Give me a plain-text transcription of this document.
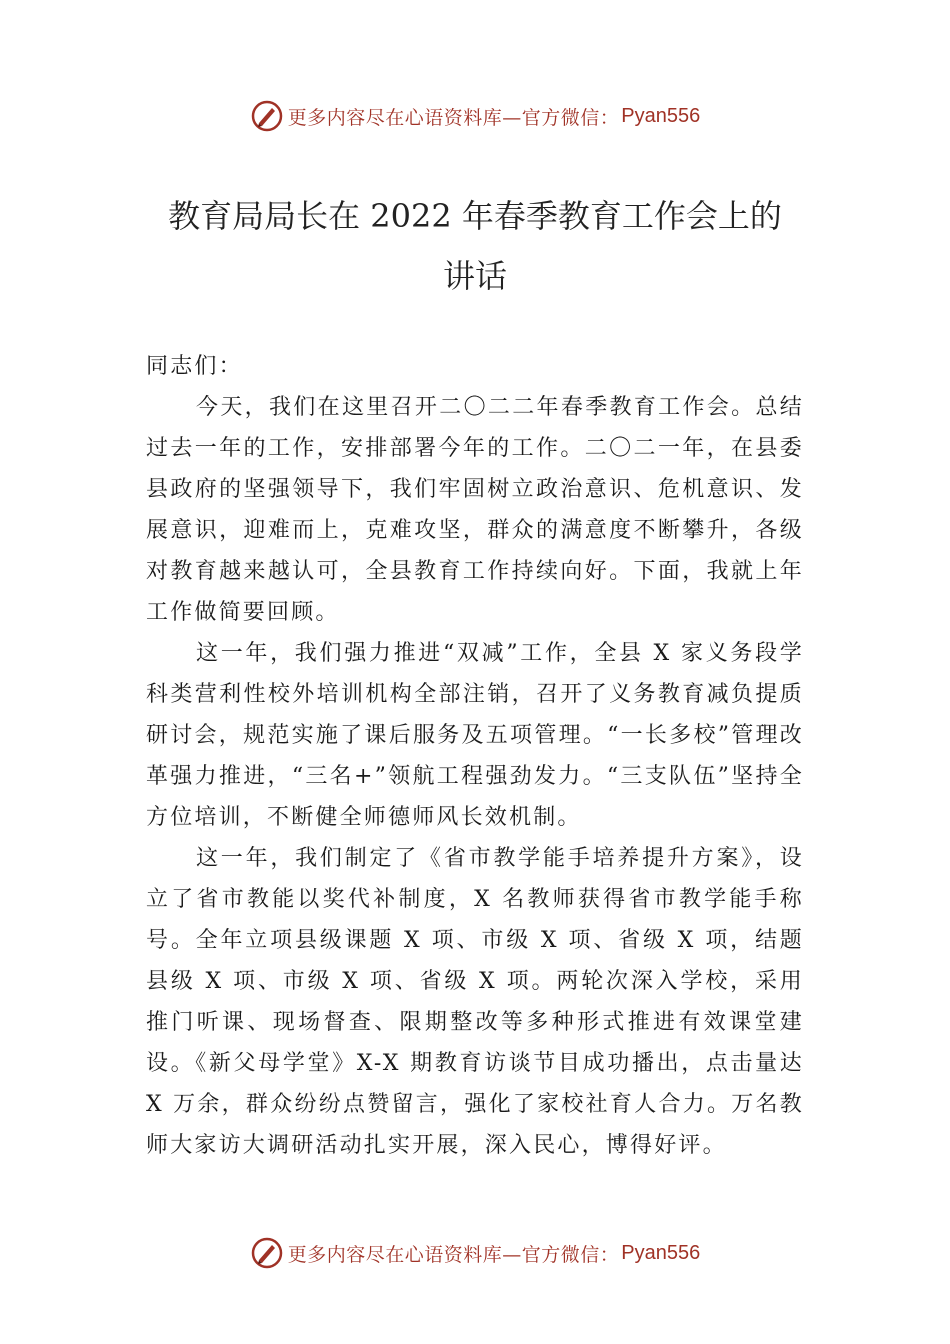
更多内容尽在心语资料库—官方微信： Pyan556
教育局局长在 2022 年春季教育工作会上的
讲话

同志们：

今天，我们在这里召开二〇二二年春季教育工作会。总结过去一年的工作，安排部署今年的工作。二〇二一年，在县委县政府的坚强领导下，我们牢固树立政治意识、危机意识、发展意识，迎难而上，克难攻坚，群众的满意度不断攀升，各级对教育越来越认可，全县教育工作持续向好。下面，我就上年工作做简要回顾。

这一年，我们强力推进“双减”工作，全县 X 家义务段学科类营利性校外培训机构全部注销，召开了义务教育减负提质研讨会，规范实施了课后服务及五项管理。“一长多校”管理改革强力推进，“三名+”领航工程强劲发力。“三支队伍”坚持全方位培训，不断健全师德师风长效机制。

这一年，我们制定了《省市教学能手培养提升方案》，设立了省市教能以奖代补制度，X 名教师获得省市教学能手称号。全年立项县级课题 X 项、市级 X 项、省级 X 项，结题县级 X 项、市级 X 项、省级 X 项。两轮次深入学校，采用推门听课、现场督查、限期整改等多种形式推进有效课堂建设。《新父母学堂》X-X 期教育访谈节目成功播出，点击量达 X 万余，群众纷纷点赞留言，强化了家校社育人合力。万名教师大家访大调研活动扎实开展，深入民心，博得好评。

更多内容尽在心语资料库—官方微信： Pyan556
